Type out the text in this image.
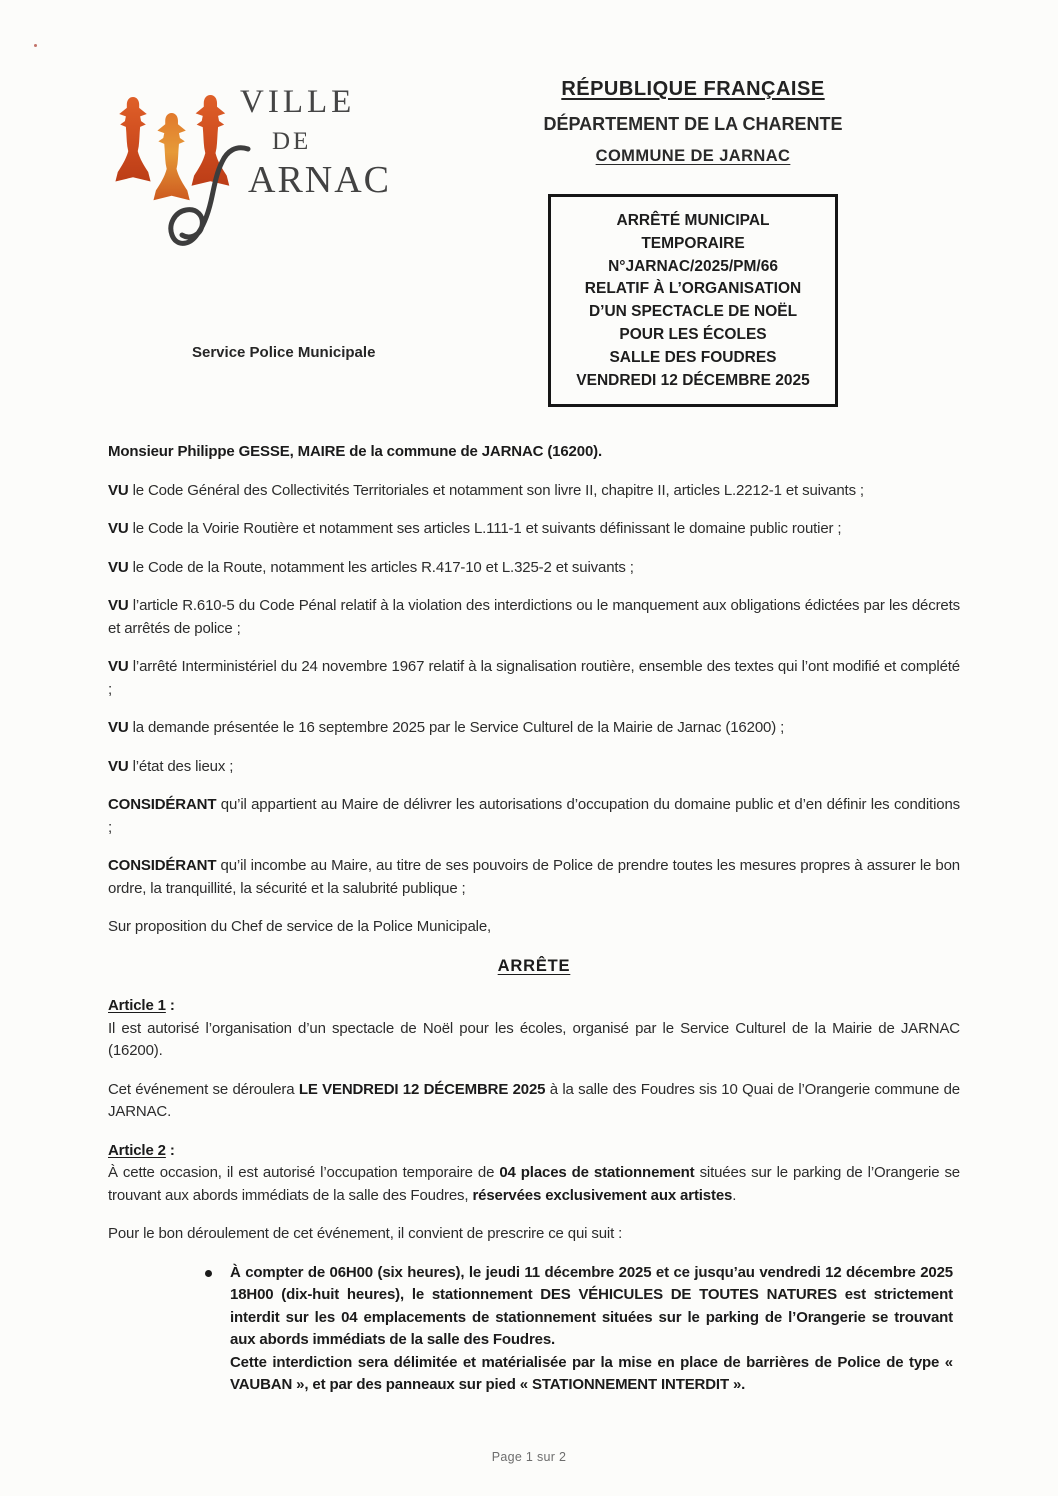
VILLE
DE
ARNAC
RÉPUBLIQUE FRANÇAISE
DÉPARTEMENT DE LA CHARENTE
COMMUNE DE JARNAC
ARRÊTÉ MUNICIPAL
TEMPORAIRE
N°JARNAC/2025/PM/66
RELATIF À L’ORGANISATION
D’UN SPECTACLE DE NOËL
POUR LES ÉCOLES
SALLE DES FOUDRES
VENDREDI 12 DÉCEMBRE 2025
Service Police Municipale

Monsieur Philippe GESSE, MAIRE de la commune de JARNAC (16200).

VU le Code Général des Collectivités Territoriales et notamment son livre II, chapitre II, articles L.2212-1 et suivants ;

VU le Code la Voirie Routière et notamment ses articles L.111-1 et suivants définissant le domaine public routier ;

VU le Code de la Route, notamment les articles R.417-10 et L.325-2 et suivants ;

VU l’article R.610-5 du Code Pénal relatif à la violation des interdictions ou le manquement aux obligations édictées par les décrets et arrêtés de police ;

VU l’arrêté Interministériel du 24 novembre 1967 relatif à la signalisation routière, ensemble des textes qui l’ont modifié et complété ;

VU la demande présentée le 16 septembre 2025 par le Service Culturel de la Mairie de Jarnac (16200) ;

VU l’état des lieux ;

CONSIDÉRANT qu’il appartient au Maire de délivrer les autorisations d’occupation du domaine public et d’en définir les conditions ;

CONSIDÉRANT qu’il incombe au Maire, au titre de ses pouvoirs de Police de prendre toutes les mesures propres à assurer le bon ordre, la tranquillité, la sécurité et la salubrité publique ;

Sur proposition du Chef de service de la Police Municipale,

ARRÊTE

Article 1 :

Il est autorisé l’organisation d’un spectacle de Noël pour les écoles, organisé par le Service Culturel de la Mairie de JARNAC (16200).

Cet événement se déroulera LE VENDREDI 12 DÉCEMBRE 2025 à la salle des Foudres sis 10 Quai de l’Orangerie commune de JARNAC.

Article 2 :

À cette occasion, il est autorisé l’occupation temporaire de 04 places de stationnement situées sur le parking de l’Orangerie se trouvant aux abords immédiats de la salle des Foudres, réservées exclusivement aux artistes.

Pour le bon déroulement de cet événement, il convient de prescrire ce qui suit :

À compter de 06H00 (six heures), le jeudi 11 décembre 2025 et ce jusqu’au vendredi 12 décembre 2025 18H00 (dix-huit heures), le stationnement DES VÉHICULES DE TOUTES NATURES est strictement interdit sur les 04 emplacements de stationnement situées sur le parking de l’Orangerie se trouvant aux abords immédiats de la salle des Foudres.
Cette interdiction sera délimitée et matérialisée par la mise en place de barrières de Police de type « VAUBAN », et par des panneaux sur pied « STATIONNEMENT INTERDIT ».
Page 1 sur 2
